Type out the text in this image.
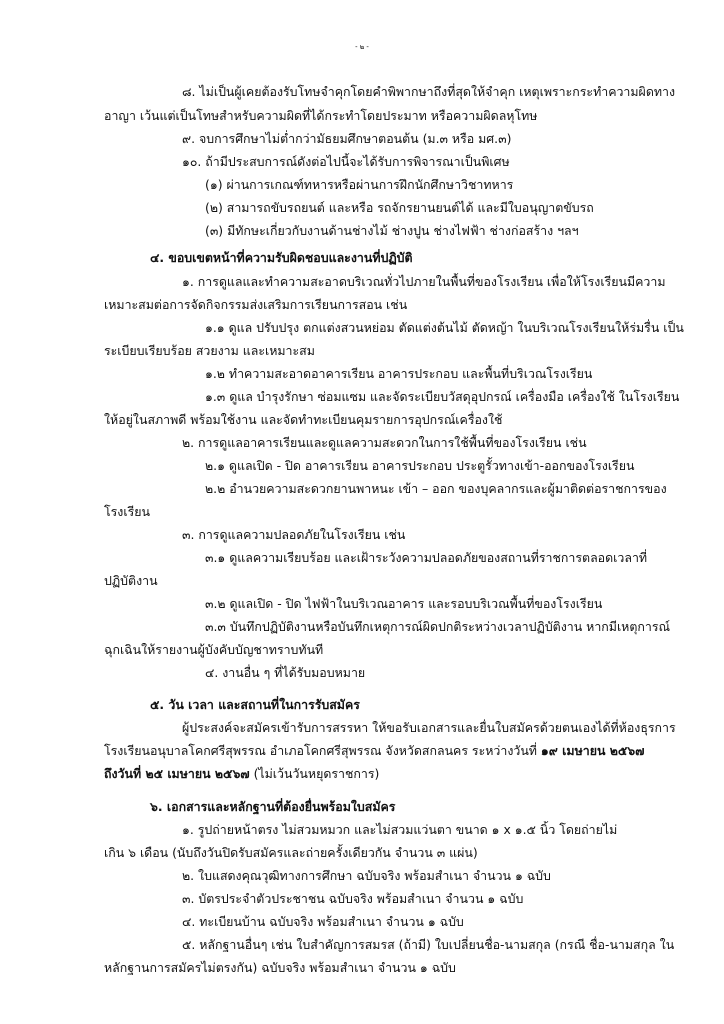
- ๒ -

๘. ไม่เป็นผู้เคยต้องรับโทษจำคุกโดยคำพิพากษาถึงที่สุดให้จำคุก เหตุเพราะกระทำความผิดทาง

อาญา เว้นแต่เป็นโทษสำหรับความผิดที่ได้กระทำโดยประมาท หรือความผิดลหุโทษ

๙. จบการศึกษาไม่ต่ำกว่ามัธยมศึกษาตอนต้น (ม.๓ หรือ มศ.๓)

๑๐. ถ้ามีประสบการณ์ดังต่อไปนี้จะได้รับการพิจารณาเป็นพิเศษ

(๑) ผ่านการเกณฑ์ทหารหรือผ่านการฝึกนักศึกษาวิชาทหาร

(๒) สามารถขับรถยนต์ และหรือ รถจักรยานยนต์ได้ และมีใบอนุญาตขับรถ

(๓) มีทักษะเกี่ยวกับงานด้านช่างไม้ ช่างปูน ช่างไฟฟ้า ช่างก่อสร้าง ฯลฯ

๔. ขอบเขตหน้าที่ความรับผิดชอบและงานที่ปฏิบัติ

๑. การดูแลและทำความสะอาดบริเวณทั่วไปภายในพื้นที่ของโรงเรียน เพื่อให้โรงเรียนมีความ

เหมาะสมต่อการจัดกิจกรรมส่งเสริมการเรียนการสอน เช่น

๑.๑ ดูแล ปรับปรุง ตกแต่งสวนหย่อม ตัดแต่งต้นไม้ ตัดหญ้า ในบริเวณโรงเรียนให้ร่มรื่น เป็น

ระเบียบเรียบร้อย สวยงาม และเหมาะสม

๑.๒ ทำความสะอาดอาคารเรียน อาคารประกอบ และพื้นที่บริเวณโรงเรียน

๑.๓ ดูแล บำรุงรักษา ซ่อมแซม และจัดระเบียบวัสดุอุปกรณ์ เครื่องมือ เครื่องใช้ ในโรงเรียน

ให้อยู่ในสภาพดี พร้อมใช้งาน และจัดทำทะเบียนคุมรายการอุปกรณ์เครื่องใช้

๒. การดูแลอาคารเรียนและดูแลความสะดวกในการใช้พื้นที่ของโรงเรียน เช่น

๒.๑ ดูแลเปิด - ปิด อาคารเรียน อาคารประกอบ ประตูรั้วทางเข้า-ออกของโรงเรียน

๒.๒ อำนวยความสะดวกยานพาหนะ เข้า – ออก ของบุคลากรและผู้มาติดต่อราชการของ

โรงเรียน

๓. การดูแลความปลอดภัยในโรงเรียน เช่น

๓.๑ ดูแลความเรียบร้อย และเฝ้าระวังความปลอดภัยของสถานที่ราชการตลอดเวลาที่

ปฏิบัติงาน

๓.๒ ดูแลเปิด - ปิด ไฟฟ้าในบริเวณอาคาร และรอบบริเวณพื้นที่ของโรงเรียน

๓.๓ บันทึกปฏิบัติงานหรือบันทึกเหตุการณ์ผิดปกติระหว่างเวลาปฏิบัติงาน หากมีเหตุการณ์

ฉุกเฉินให้รายงานผู้บังคับบัญชาทราบทันที

๔. งานอื่น ๆ ที่ได้รับมอบหมาย

๕. วัน เวลา และสถานที่ในการรับสมัคร

ผู้ประสงค์จะสมัครเข้ารับการสรรหา ให้ขอรับเอกสารและยื่นใบสมัครด้วยตนเองได้ที่ห้องธุรการ

โรงเรียนอนุบาลโคกศรีสุพรรณ อำเภอโคกศรีสุพรรณ จังหวัดสกลนคร ระหว่างวันที่ ๑๙ เมษายน ๒๕๖๗

ถึงวันที่ ๒๕ เมษายน ๒๕๖๗ (ไม่เว้นวันหยุดราชการ)

๖. เอกสารและหลักฐานที่ต้องยื่นพร้อมใบสมัคร

๑. รูปถ่ายหน้าตรง ไม่สวมหมวก และไม่สวมแว่นตา ขนาด ๑ x ๑.๕ นิ้ว โดยถ่ายไม่

เกิน ๖ เดือน (นับถึงวันปิดรับสมัครและถ่ายครั้งเดียวกัน จำนวน ๓ แผ่น)

๒. ใบแสดงคุณวุฒิทางการศึกษา ฉบับจริง พร้อมสำเนา จำนวน ๑ ฉบับ

๓. บัตรประจำตัวประชาชน ฉบับจริง พร้อมสำเนา จำนวน ๑ ฉบับ

๔. ทะเบียนบ้าน ฉบับจริง พร้อมสำเนา จำนวน ๑ ฉบับ

๕. หลักฐานอื่นๆ เช่น ใบสำคัญการสมรส (ถ้ามี) ใบเปลี่ยนชื่อ-นามสกุล (กรณี ชื่อ-นามสกุล ใน

หลักฐานการสมัครไม่ตรงกัน) ฉบับจริง พร้อมสำเนา จำนวน ๑ ฉบับ
